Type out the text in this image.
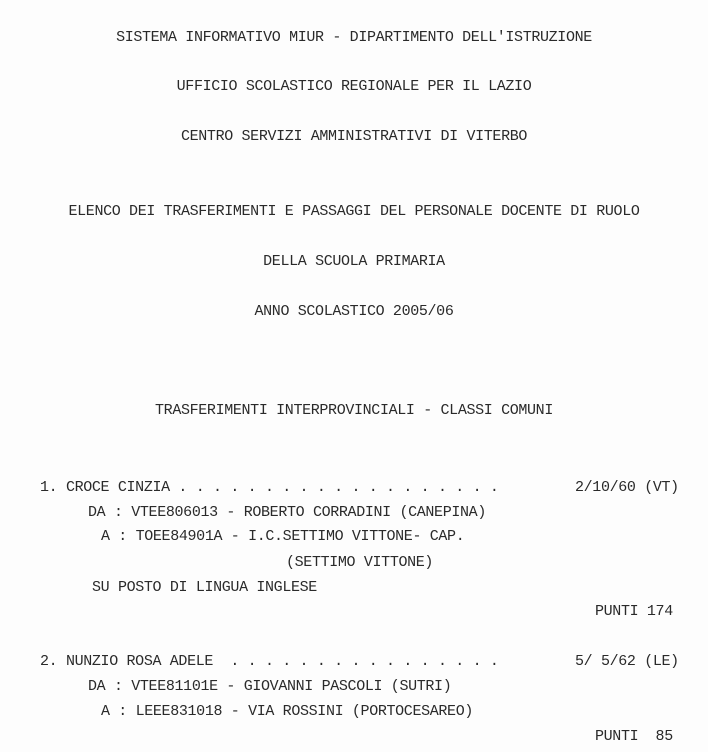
SISTEMA INFORMATIVO MIUR - DIPARTIMENTO DELL'ISTRUZIONE
UFFICIO SCOLASTICO REGIONALE PER IL LAZIO
CENTRO SERVIZI AMMINISTRATIVI DI VITERBO
ELENCO DEI TRASFERIMENTI E PASSAGGI DEL PERSONALE DOCENTE DI RUOLO
DELLA SCUOLA PRIMARIA
ANNO SCOLASTICO 2005/06
TRASFERIMENTI INTERPROVINCIALI - CLASSI COMUNI
1. CROCE CINZIA . . . . . . . . . . . . . . . . . . .	2/10/60 (VT)
DA : VTEE806013 - ROBERTO CORRADINI (CANEPINA)
A : TOEE84901A - I.C.SETTIMO VITTONE- CAP.
(SETTIMO VITTONE)
SU POSTO DI LINGUA INGLESE
PUNTI 174
2. NUNZIO ROSA ADELE  . . . . . . . . . . . . . . . .	5/ 5/62 (LE)
DA : VTEE81101E - GIOVANNI PASCOLI (SUTRI)
A : LEEE831018 - VIA ROSSINI (PORTOCESAREO)
PUNTI  85
